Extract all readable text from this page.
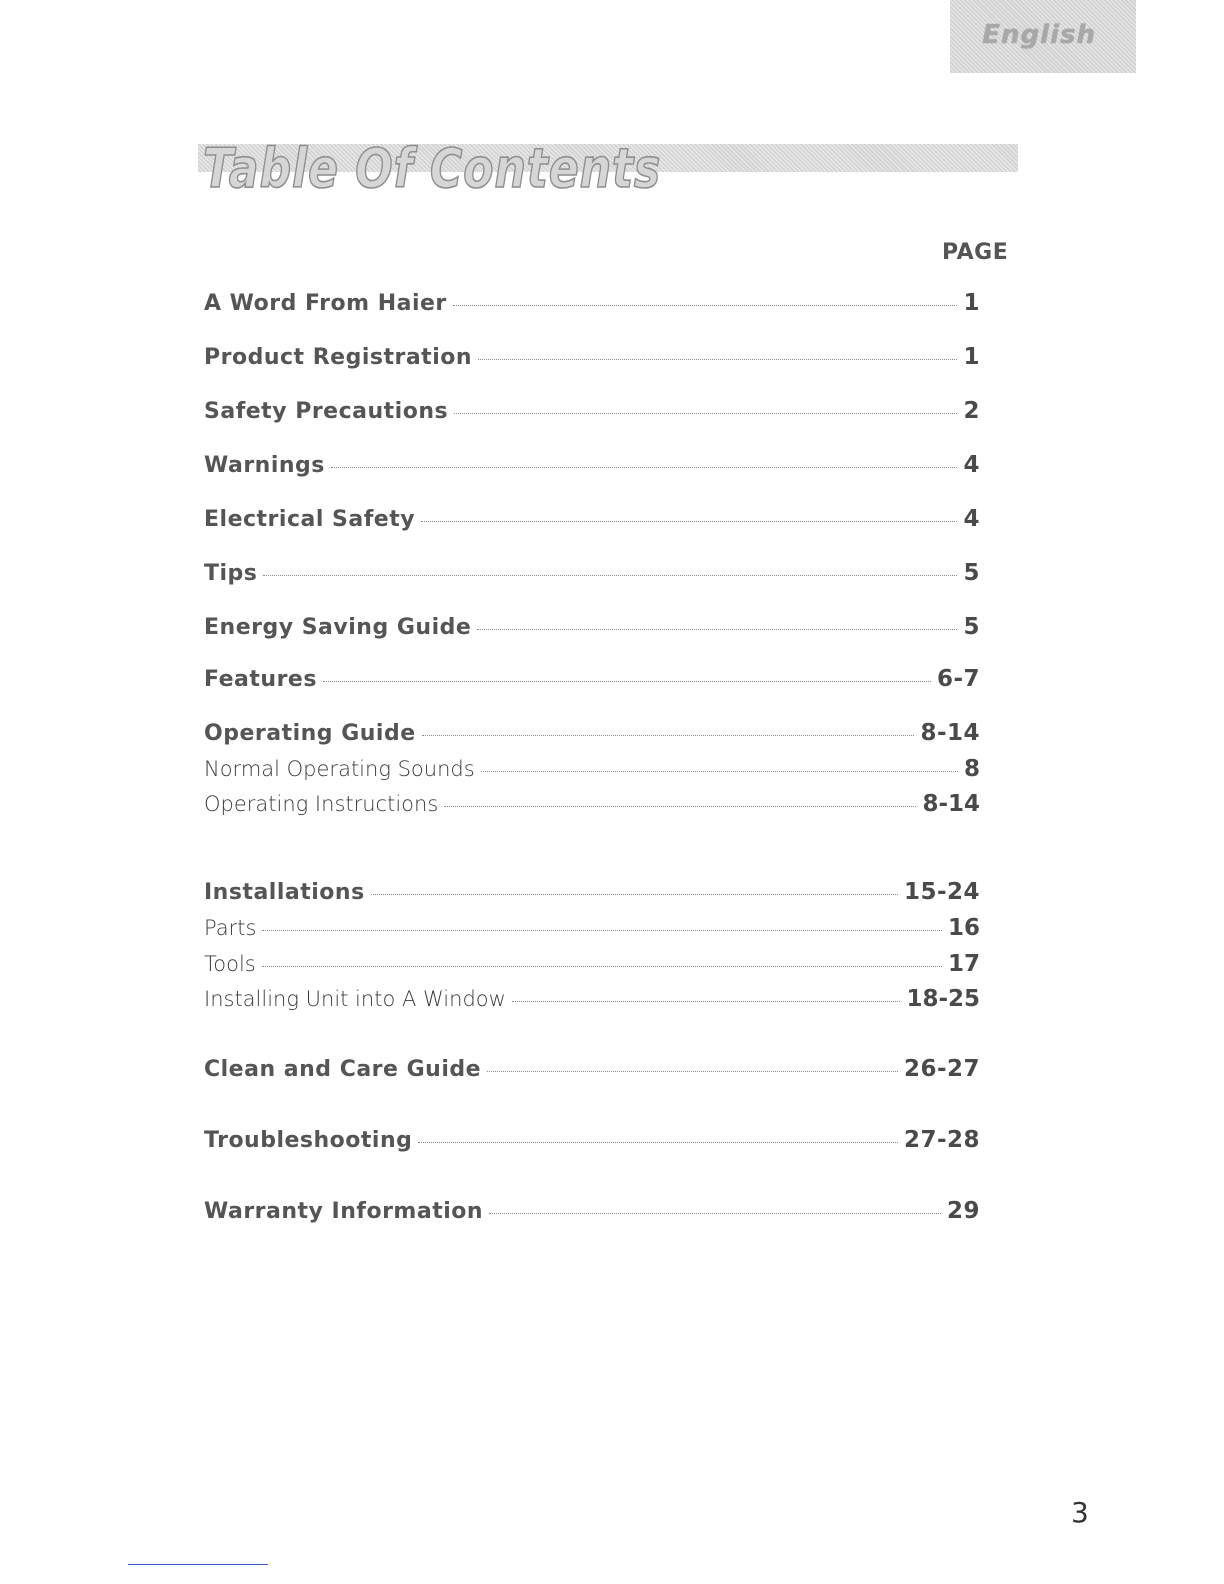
English
Table Of Contents
PAGE
A Word From Haier	1
Product Registration	1
Safety Precautions	2
Warnings	4
Electrical Safety	4
Tips	5
Energy Saving Guide	5
Features	6-7
Operating Guide	8-14
Normal Operating Sounds	8
Operating Instructions	8-14
Installations	15-24
Parts	16
Tools	17
Installing Unit into A Window	18-25
Clean and Care Guide	26-27
Troubleshooting	27-28
Warranty Information	29
3
